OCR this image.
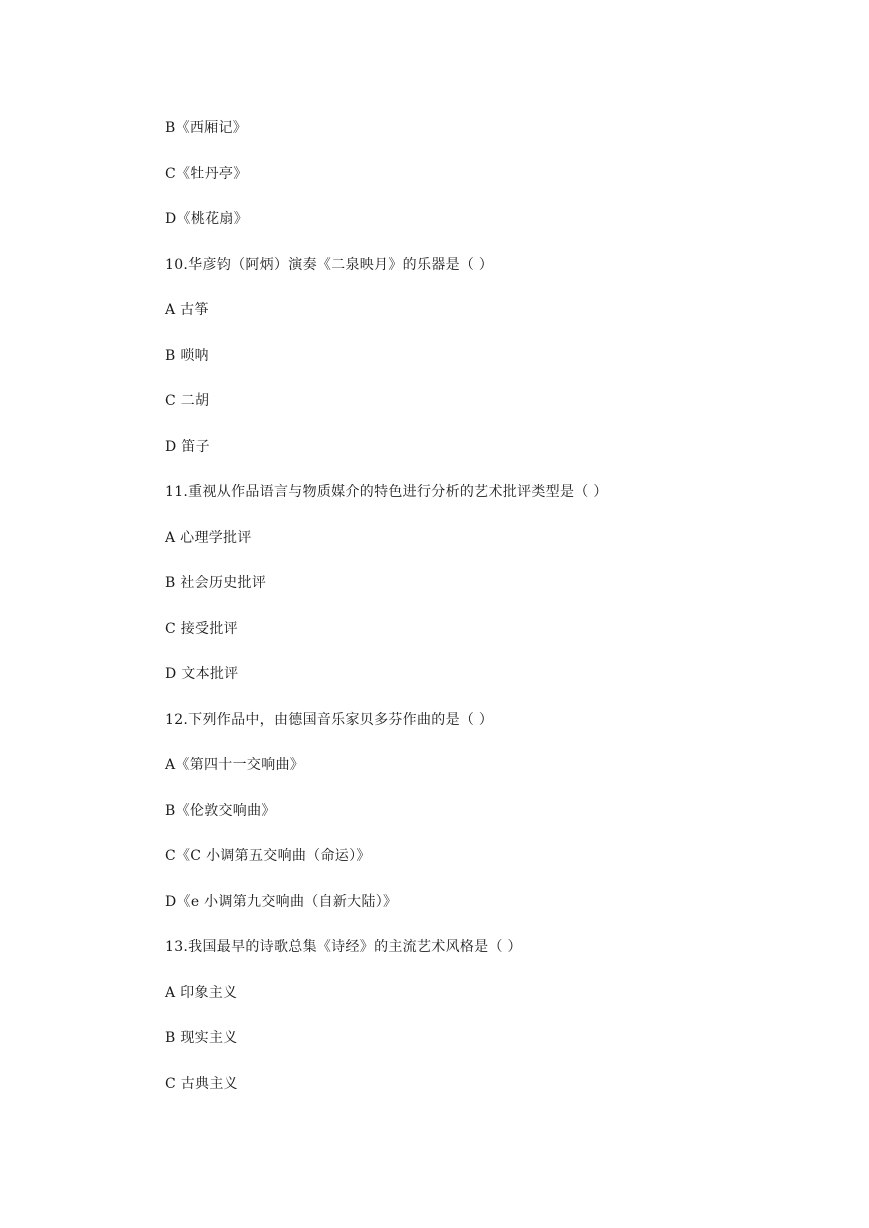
B《西厢记》
C《牡丹亭》
D《桃花扇》
10.华彦钧（阿炳）演奏《二泉映月》的乐器是（ ）
A 古筝
B 唢呐
C 二胡
D 笛子
11.重视从作品语言与物质媒介的特色进行分析的艺术批评类型是（ ）
A 心理学批评
B 社会历史批评
C 接受批评
D 文本批评
12.下列作品中，由德国音乐家贝多芬作曲的是（ ）
A《第四十一交响曲》
B《伦敦交响曲》
C《C 小调第五交响曲（命运）》
D《e 小调第九交响曲（自新大陆）》
13.我国最早的诗歌总集《诗经》的主流艺术风格是（ ）
A 印象主义
B 现实主义
C 古典主义
